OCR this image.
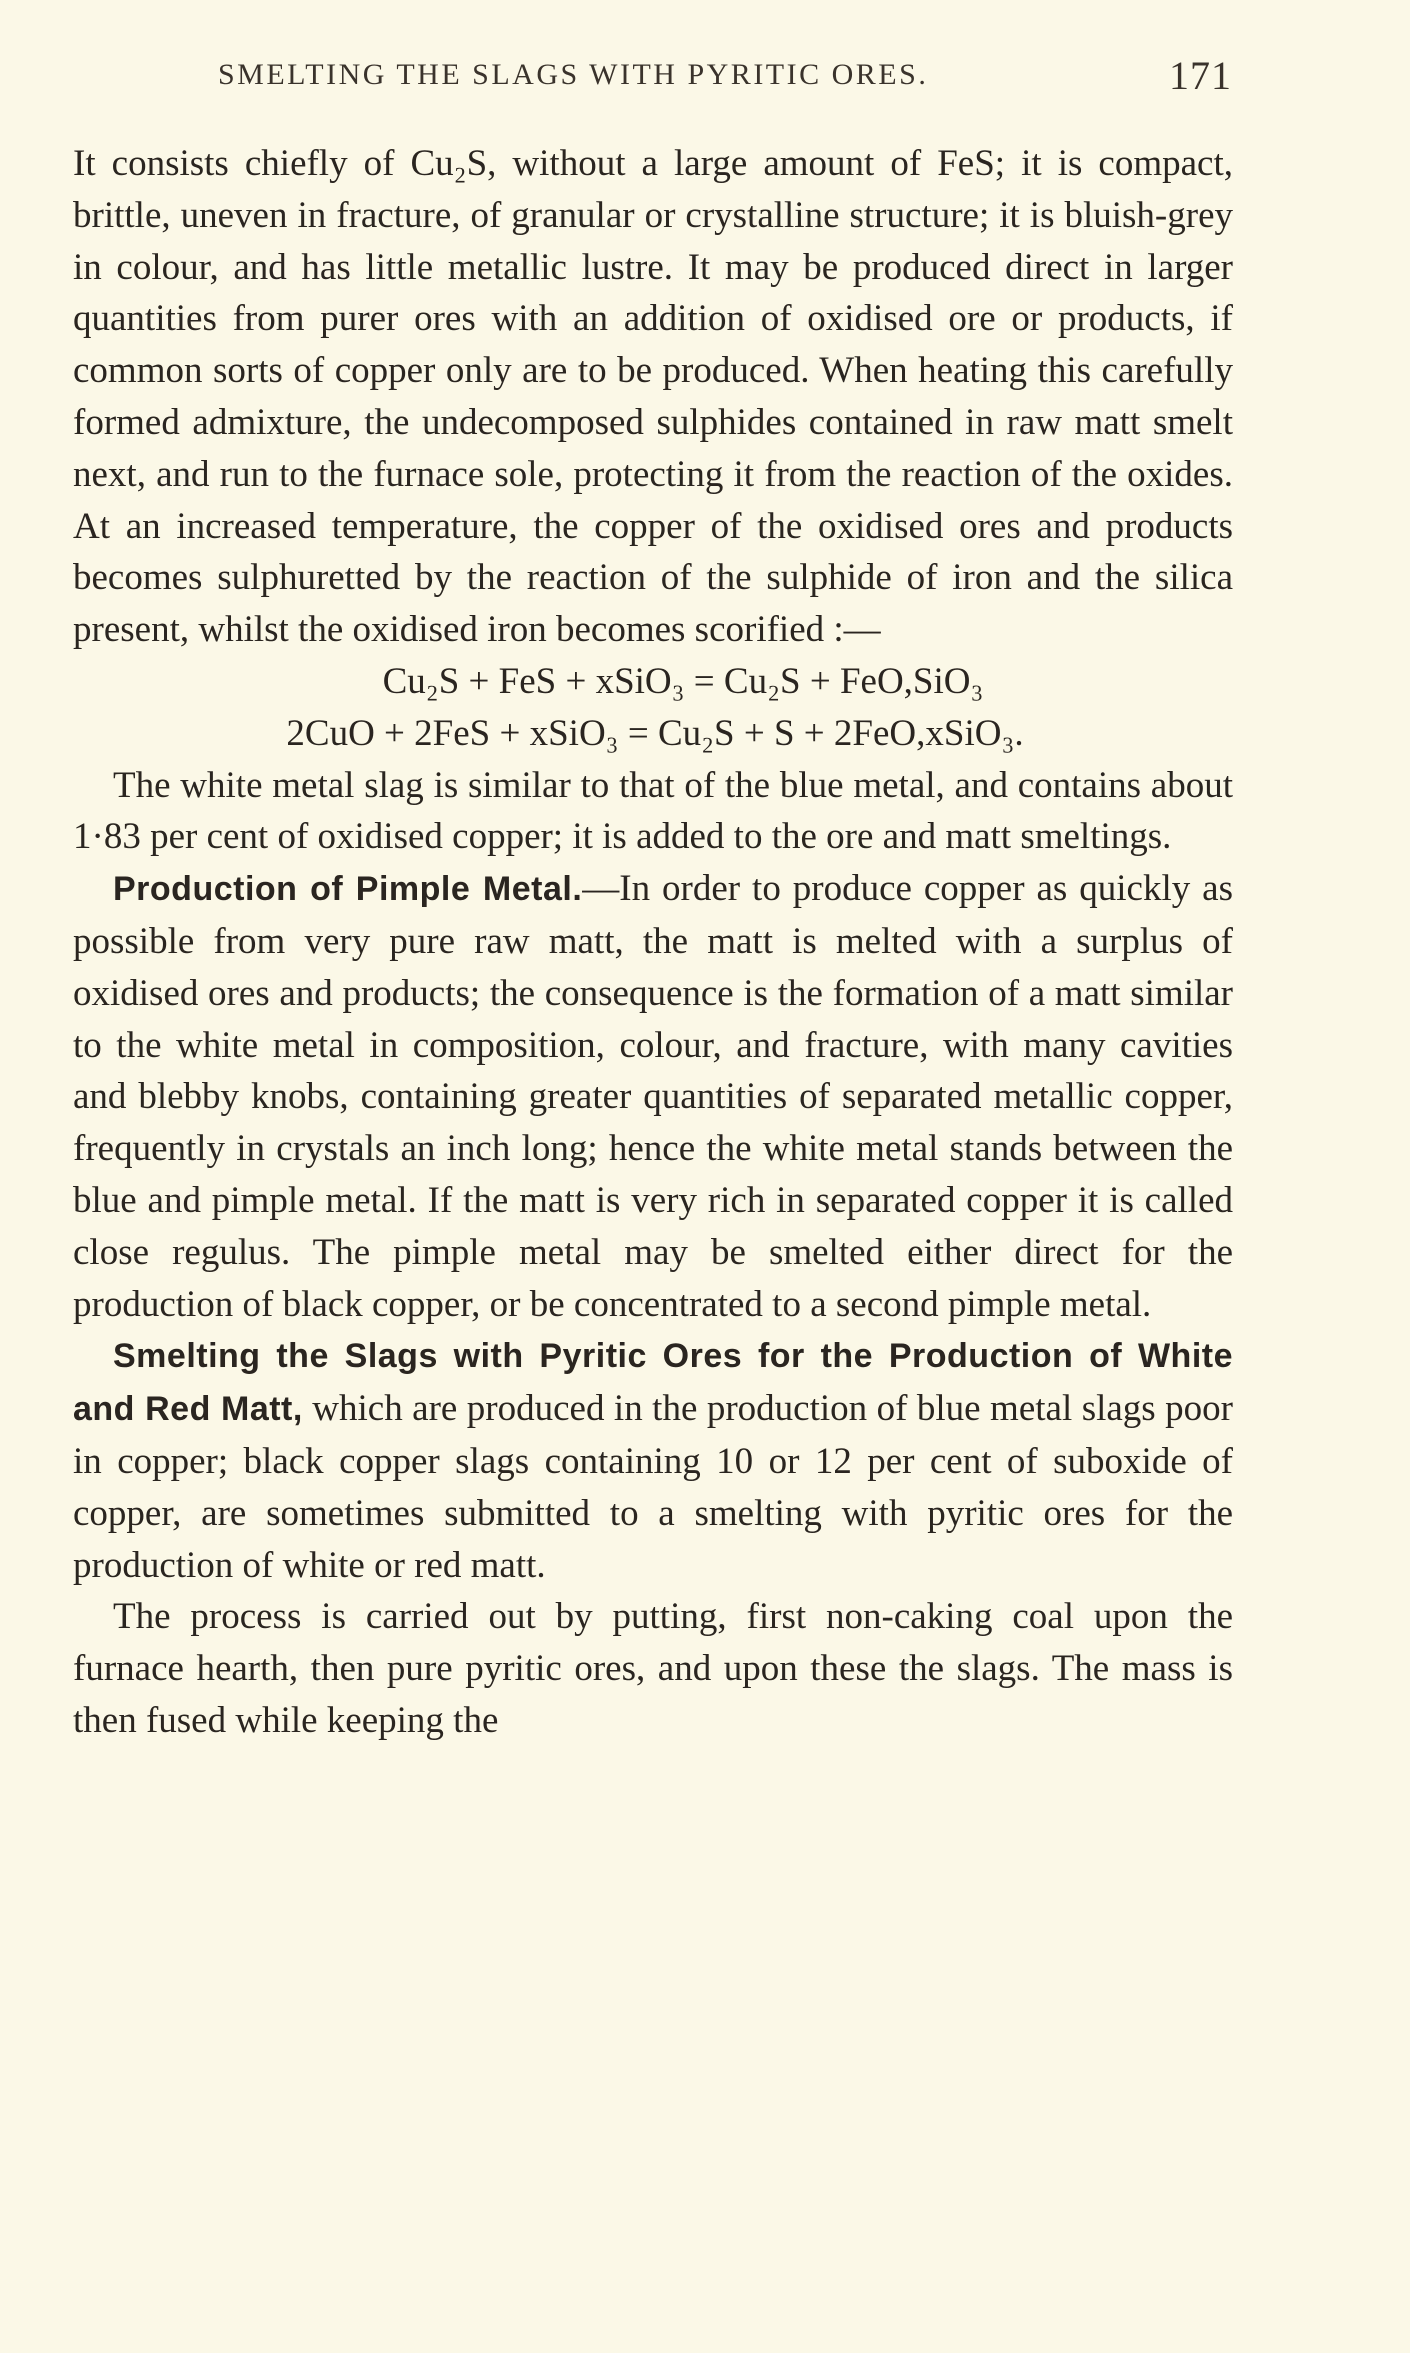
SMELTING THE SLAGS WITH PYRITIC ORES.	171

It consists chiefly of Cu₂S, without a large amount of FeS; it is compact, brittle, uneven in fracture, of granular or crystalline structure; it is bluish-grey in colour, and has little metallic lustre. It may be produced direct in larger quantities from purer ores with an addition of oxidised ore or products, if common sorts of copper only are to be produced. When heating this carefully formed admixture, the undecomposed sulphides contained in raw matt smelt next, and run to the furnace sole, protecting it from the reaction of the oxides. At an increased temperature, the copper of the oxidised ores and products becomes sulphuretted by the reaction of the sulphide of iron and the silica present, whilst the oxidised iron becomes scorified :—

Cu₂S + FeS + xSiO₃ = Cu₂S + FeO,SiO₃

2CuO + 2FeS + xSiO₃ = Cu₂S + S + 2FeO,xSiO₃.

The white metal slag is similar to that of the blue metal, and contains about 1·83 per cent of oxidised copper; it is added to the ore and matt smeltings.

Production of Pimple Metal.—In order to produce copper as quickly as possible from very pure raw matt, the matt is melted with a surplus of oxidised ores and products; the consequence is the formation of a matt similar to the white metal in composition, colour, and fracture, with many cavities and blebby knobs, containing greater quantities of separated metallic copper, frequently in crystals an inch long; hence the white metal stands between the blue and pimple metal. If the matt is very rich in separated copper it is called close regulus. The pimple metal may be smelted either direct for the production of black copper, or be concentrated to a second pimple metal.

Smelting the Slags with Pyritic Ores for the Production of White and Red Matt, which are produced in the production of blue metal slags poor in copper; black copper slags containing 10 or 12 per cent of suboxide of copper, are sometimes submitted to a smelting with pyritic ores for the production of white or red matt.

The process is carried out by putting, first non-caking coal upon the furnace hearth, then pure pyritic ores, and upon these the slags. The mass is then fused while keeping the
